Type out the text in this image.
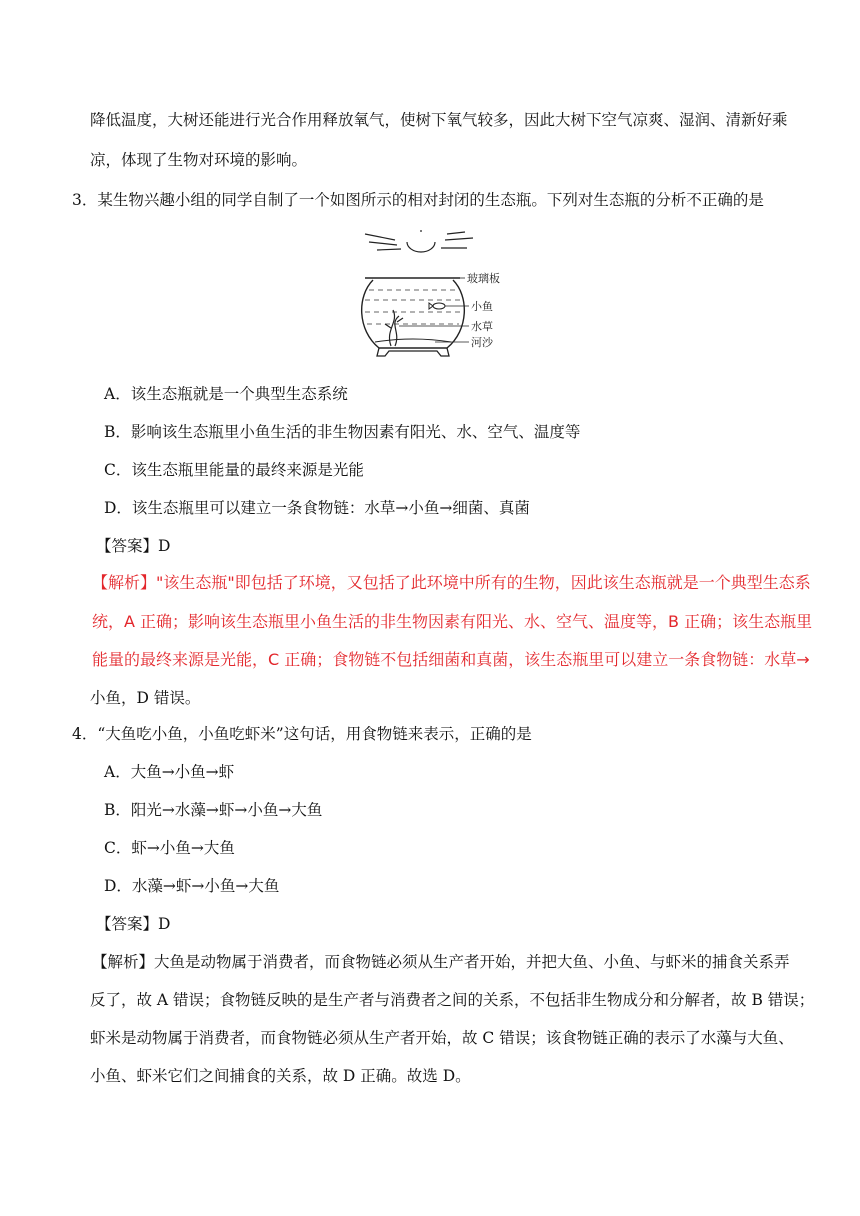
降低温度，大树还能进行光合作用释放氧气，使树下氧气较多，因此大树下空气凉爽、湿润、清新好乘
凉，体现了生物对环境的影响。
3．某生物兴趣小组的同学自制了一个如图所示的相对封闭的生态瓶。下列对生态瓶的分析不正确的是
玻璃板
小鱼
水草
河沙
A．该生态瓶就是一个典型生态系统
B．影响该生态瓶里小鱼生活的非生物因素有阳光、水、空气、温度等
C．该生态瓶里能量的最终来源是光能
D．该生态瓶里可以建立一条食物链：水草→小鱼→细菌、真菌
【答案】D
【解析】"该生态瓶"即包括了环境，又包括了此环境中所有的生物，因此该生态瓶就是一个典型生态系
统，A 正确；影响该生态瓶里小鱼生活的非生物因素有阳光、水、空气、温度等，B 正确；该生态瓶里
能量的最终来源是光能，C 正确；食物链不包括细菌和真菌，该生态瓶里可以建立一条食物链：水草→
小鱼，D 错误。
4．“大鱼吃小鱼，小鱼吃虾米”这句话，用食物链来表示，正确的是
A．大鱼→小鱼→虾
B．阳光→水藻→虾→小鱼→大鱼
C．虾→小鱼→大鱼
D．水藻→虾→小鱼→大鱼
【答案】D
【解析】大鱼是动物属于消费者，而食物链必须从生产者开始，并把大鱼、小鱼、与虾米的捕食关系弄
反了，故 A 错误；食物链反映的是生产者与消费者之间的关系，不包括非生物成分和分解者，故 B 错误；
虾米是动物属于消费者，而食物链必须从生产者开始，故 C 错误；该食物链正确的表示了水藻与大鱼、
小鱼、虾米它们之间捕食的关系，故 D 正确。故选 D。
